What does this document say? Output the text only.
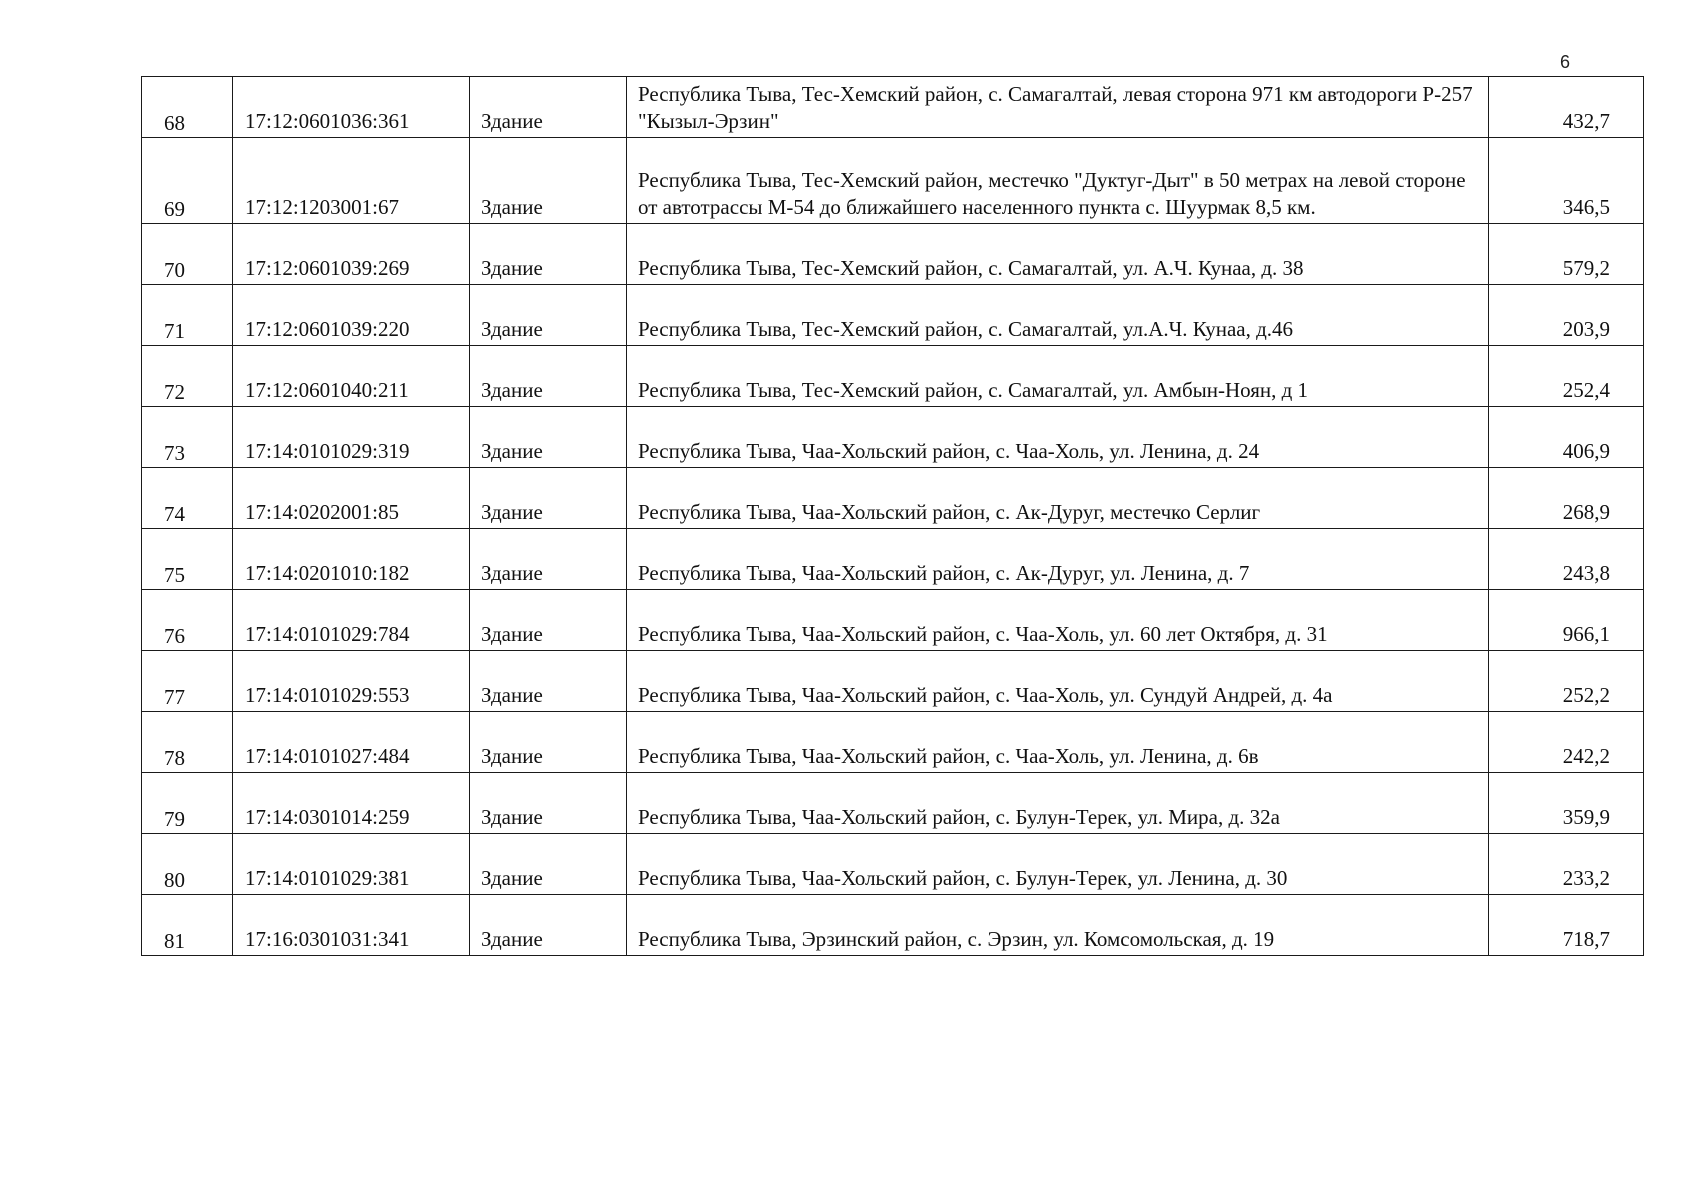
6
68	17:12:0601036:361	Здание	Республика Тыва, Тес-Хемский район, с. Самагалтай, левая сторона 971 км автодороги Р-257 "Кызыл-Эрзин"	432,7
69	17:12:1203001:67	Здание	Республика Тыва, Тес-Хемский район, местечко "Дуктуг-Дыт" в 50 метрах на левой стороне от автотрассы М-54 до ближайшего населенного пункта с. Шуурмак 8,5 км.	346,5
70	17:12:0601039:269	Здание	Республика Тыва, Тес-Хемский район, с. Самагалтай, ул. А.Ч. Кунаа, д. 38	579,2
71	17:12:0601039:220	Здание	Республика Тыва, Тес-Хемский район, с. Самагалтай, ул.А.Ч. Кунаа, д.46	203,9
72	17:12:0601040:211	Здание	Республика Тыва, Тес-Хемский район, с. Самагалтай, ул. Амбын-Ноян, д 1	252,4
73	17:14:0101029:319	Здание	Республика Тыва, Чаа-Хольский район, с. Чаа-Холь, ул. Ленина, д. 24	406,9
74	17:14:0202001:85	Здание	Республика Тыва, Чаа-Хольский район, с. Ак-Дуруг, местечко Серлиг	268,9
75	17:14:0201010:182	Здание	Республика Тыва, Чаа-Хольский район, с. Ак-Дуруг, ул. Ленина, д. 7	243,8
76	17:14:0101029:784	Здание	Республика Тыва, Чаа-Хольский район, с. Чаа-Холь, ул. 60 лет Октября, д. 31	966,1
77	17:14:0101029:553	Здание	Республика Тыва, Чаа-Хольский район, с. Чаа-Холь, ул. Сундуй Андрей, д. 4а	252,2
78	17:14:0101027:484	Здание	Республика Тыва, Чаа-Хольский район, с. Чаа-Холь, ул. Ленина, д. 6в	242,2
79	17:14:0301014:259	Здание	Республика Тыва, Чаа-Хольский район, с. Булун-Терек, ул. Мира, д. 32а	359,9
80	17:14:0101029:381	Здание	Республика Тыва, Чаа-Хольский район, с. Булун-Терек, ул. Ленина, д. 30	233,2
81	17:16:0301031:341	Здание	Республика Тыва, Эрзинский район, с. Эрзин, ул. Комсомольская, д. 19	718,7
